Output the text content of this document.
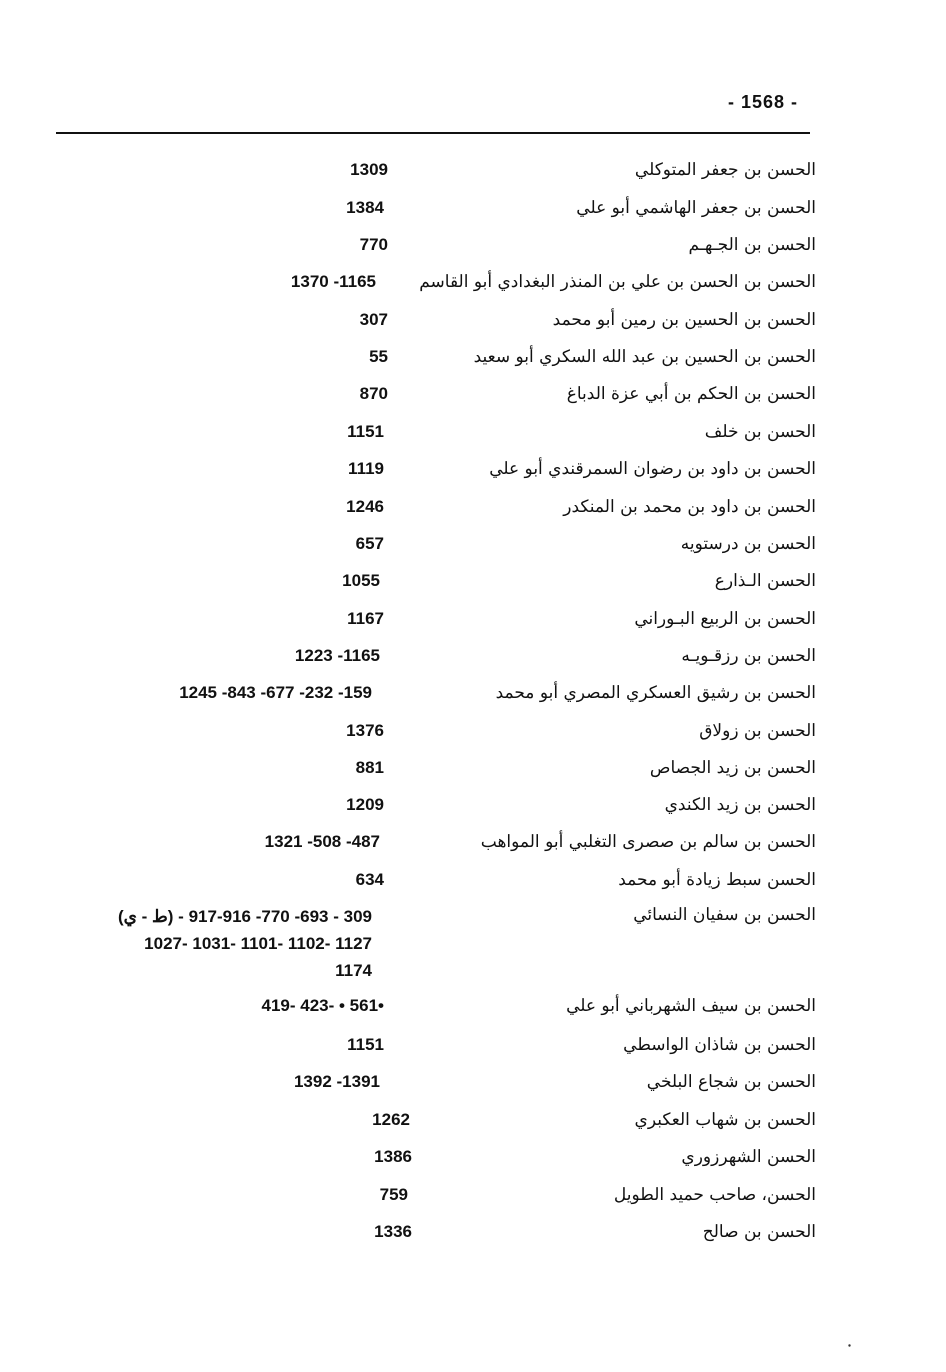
- 1568 -
الحسن بن جعفر المتوكلي
1309
الحسن بن جعفر الهاشمي أبو علي
1384
الحسن بن الجـهـم
770
الحسن بن الحسن بن علي بن المنذر البغدادي أبو القاسم
1370 -1165
الحسن بن الحسين بن رمين أبو محمد
307
الحسن بن الحسين بن عبد الله السكري أبو سعيد
55
الحسن بن الحكم بن أبي عزة الدباغ
870
الحسن بن خلف
1151
الحسن بن داود بن رضوان السمرقندي أبو علي
1119
الحسن بن داود بن محمد بن المنكدر
1246
الحسن بن درستويه
657
الحسن الـذارع
1055
الحسن بن الربيع البـوراني
1167
الحسن بن رزقـويـه
1223 -1165
الحسن بن رشيق العسكري المصري أبو محمد
1245 -843 -677 -232 -159
الحسن بن زولاق
1376
الحسن بن زيد الجصاص
881
الحسن بن زيد الكندي
1209
الحسن بن سالم بن صصرى التغلبي أبو المواهب
1321 -508 -487
الحسن سبط زيادة أبو محمد
634
الحسن بن سفيان النسائي
(ط - ي) - 309 - 693- 770- 916-917
1027- 1031- 1101- 1102- 1127
1174
الحسن بن سيف الشهرباني أبو علي
419- 423- • 561•
الحسن بن شاذان الواسطي
1151
الحسن بن شجاع البلخي
1392 -1391
الحسن بن شهاب العكبري
1262
الحسن الشهرزوري
1386
الحسن، صاحب حميد الطويل
759
الحسن بن صالح
1336
